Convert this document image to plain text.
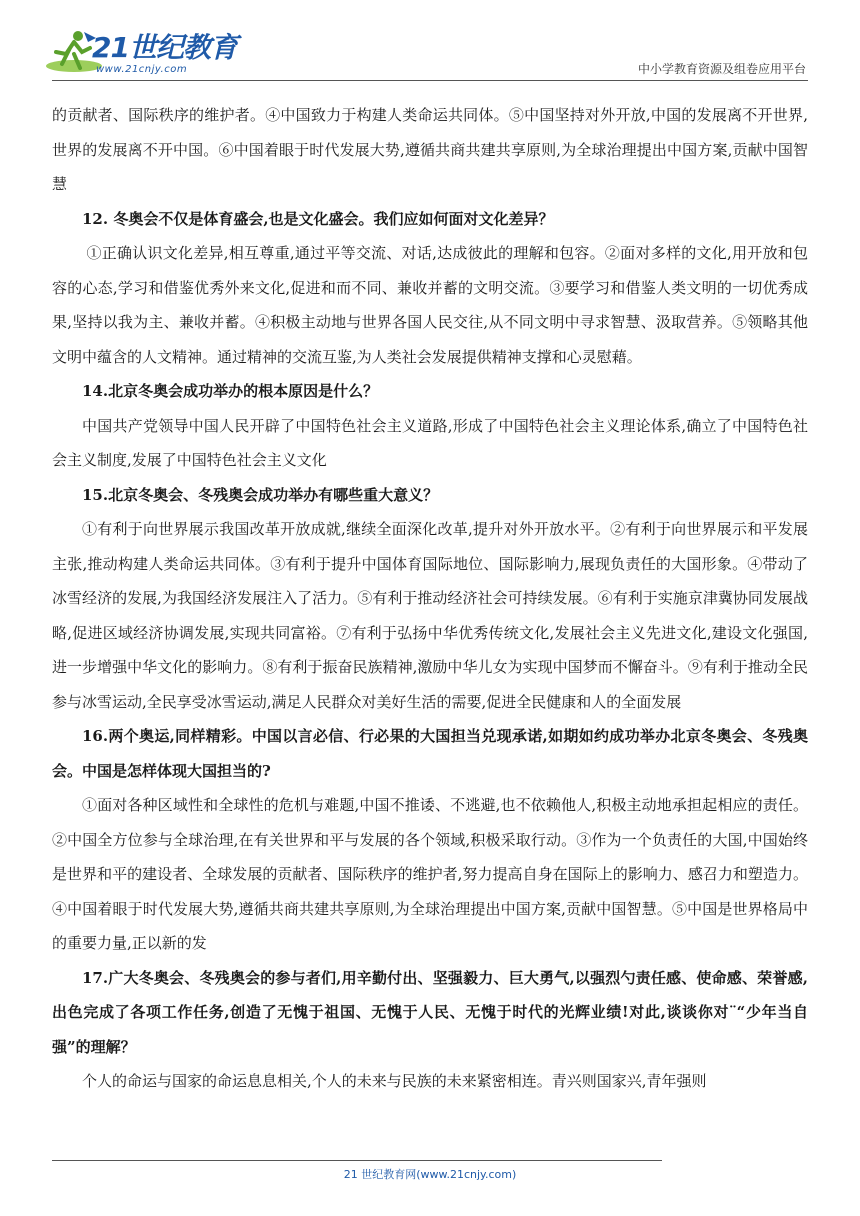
21世纪教育
www.21cnjy.com	中小学教育资源及组卷应用平台

的贡献者、国际秩序的维护者。④中国致力于构建人类命运共同体。⑤中国坚持对外开放,中国的发展离不开世界,世界的发展离不开中国。⑥中国着眼于时代发展大势,遵循共商共建共享原则,为全球治理提出中国方案,贡献中国智慧

12. 冬奥会不仅是体育盛会,也是文化盛会。我们应如何面对文化差异？

①正确认识文化差异,相互尊重,通过平等交流、对话,达成彼此的理解和包容。②面对多样的文化,用开放和包容的心态,学习和借鉴优秀外来文化,促进和而不同、兼收并蓄的文明交流。③要学习和借鉴人类文明的一切优秀成果,坚持以我为主、兼收并蓄。④积极主动地与世界各国人民交往,从不同文明中寻求智慧、汲取营养。⑤领略其他文明中蕴含的人文精神。通过精神的交流互鉴,为人类社会发展提供精神支撑和心灵慰藉。

14.北京冬奥会成功举办的根本原因是什么？

中国共产党领导中国人民开辟了中国特色社会主义道路,形成了中国特色社会主义理论体系,确立了中国特色社会主义制度,发展了中国特色社会主义文化

15.北京冬奥会、冬残奥会成功举办有哪些重大意义？

①有利于向世界展示我国改革开放成就,继续全面深化改革,提升对外开放水平。②有利于向世界展示和平发展主张,推动构建人类命运共同体。③有利于提升中国体育国际地位、国际影响力,展现负责任的大国形象。④带动了冰雪经济的发展,为我国经济发展注入了活力。⑤有利于推动经济社会可持续发展。⑥有利于实施京津冀协同发展战略,促进区域经济协调发展,实现共同富裕。⑦有利于弘扬中华优秀传统文化,发展社会主义先进文化,建设文化强国,进一步增强中华文化的影响力。⑧有利于振奋民族精神,激励中华儿女为实现中国梦而不懈奋斗。⑨有利于推动全民参与冰雪运动,全民享受冰雪运动,满足人民群众对美好生活的需要,促进全民健康和人的全面发展

16.两个奥运,同样精彩。中国以言必信、行必果的大国担当兑现承诺,如期如约成功举办北京冬奥会、冬残奥会。中国是怎样体现大国担当的?

①面对各种区域性和全球性的危机与难题,中国不推诿、不逃避,也不依赖他人,积极主动地承担起相应的责任。②中国全方位参与全球治理,在有关世界和平与发展的各个领域,积极采取行动。③作为一个负责任的大国,中国始终是世界和平的建设者、全球发展的贡献者、国际秩序的维护者,努力提高自身在国际上的影响力、感召力和塑造力。④中国着眼于时代发展大势,遵循共商共建共享原则,为全球治理提出中国方案,贡献中国智慧。⑤中国是世界格局中的重要力量,正以新的发

17.广大冬奥会、冬残奥会的参与者们,用辛勤付出、坚强毅力、巨大勇气,以强烈勺责任感、使命感、荣誉感,出色完成了各项工作任务,创造了无愧于祖国、无愧于人民、无愧于时代的光辉业绩!对此,谈谈你对¨“少年当自强”的理解？

个人的命运与国家的命运息息相关,个人的未来与民族的未来紧密相连。青兴则国家兴,青年强则

21 世纪教育网(www.21cnjy.com)
